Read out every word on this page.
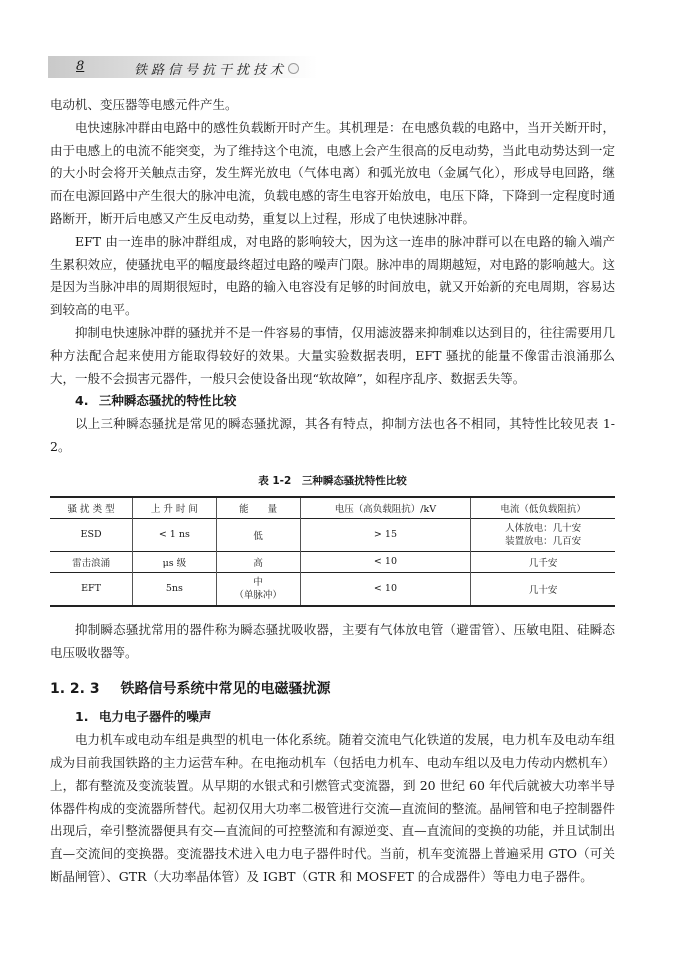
8	铁路信号抗干扰技术

电动机、变压器等电感元件产生。

电快速脉冲群由电路中的感性负载断开时产生。其机理是：在电感负载的电路中，当开关断开时，由于电感上的电流不能突变，为了维持这个电流，电感上会产生很高的反电动势，当此电动势达到一定的大小时会将开关触点击穿，发生辉光放电（气体电离）和弧光放电（金属气化），形成导电回路，继而在电源回路中产生很大的脉冲电流，负载电感的寄生电容开始放电，电压下降，下降到一定程度时通路断开，断开后电感又产生反电动势，重复以上过程，形成了电快速脉冲群。

EFT 由一连串的脉冲群组成，对电路的影响较大，因为这一连串的脉冲群可以在电路的输入端产生累积效应，使骚扰电平的幅度最终超过电路的噪声门限。脉冲串的周期越短，对电路的影响越大。这是因为当脉冲串的周期很短时，电路的输入电容没有足够的时间放电，就又开始新的充电周期，容易达到较高的电平。

抑制电快速脉冲群的骚扰并不是一件容易的事情，仅用滤波器来抑制难以达到目的，往往需要用几种方法配合起来使用方能取得较好的效果。大量实验数据表明，EFT 骚扰的能量不像雷击浪涌那么大，一般不会损害元器件，一般只会使设备出现“软故障”，如程序乱序、数据丢失等。

4. 三种瞬态骚扰的特性比较

以上三种瞬态骚扰是常见的瞬态骚扰源，其各有特点，抑制方法也各不相同，其特性比较见表 1-2。

表 1-2　三种瞬态骚扰特性比较
骚 扰 类 型	上 升 时 间	能　　量	电压（高负载阻抗）/kV	电流（低负载阻抗）
ESD	< 1 ns	低	> 15	人体放电：几十安
装置放电：几百安

雷击浪涌	μs 级	高	< 10	几千安
EFT	5ns	中
（单脉冲）	< 10	几十安

抑制瞬态骚扰常用的器件称为瞬态骚扰吸收器，主要有气体放电管（避雷管）、压敏电阻、硅瞬态电压吸收器等。

1. 2. 3 铁路信号系统中常见的电磁骚扰源

1. 电力电子器件的噪声

电力机车或电动车组是典型的机电一体化系统。随着交流电气化铁道的发展，电力机车及电动车组成为目前我国铁路的主力运营车种。在电拖动机车（包括电力机车、电动车组以及电力传动内燃机车）上，都有整流及变流装置。从早期的水银式和引燃管式变流器，到 20 世纪 60 年代后就被大功率半导体器件构成的变流器所替代。起初仅用大功率二极管进行交流—直流间的整流。晶闸管和电子控制器件出现后，牵引整流器便具有交—直流间的可控整流和有源逆变、直—直流间的变换的功能，并且试制出直—交流间的变换器。变流器技术进入电力电子器件时代。当前，机车变流器上普遍采用 GTO（可关断晶闸管）、GTR（大功率晶体管）及 IGBT（GTR 和 MOSFET 的合成器件）等电力电子器件。
